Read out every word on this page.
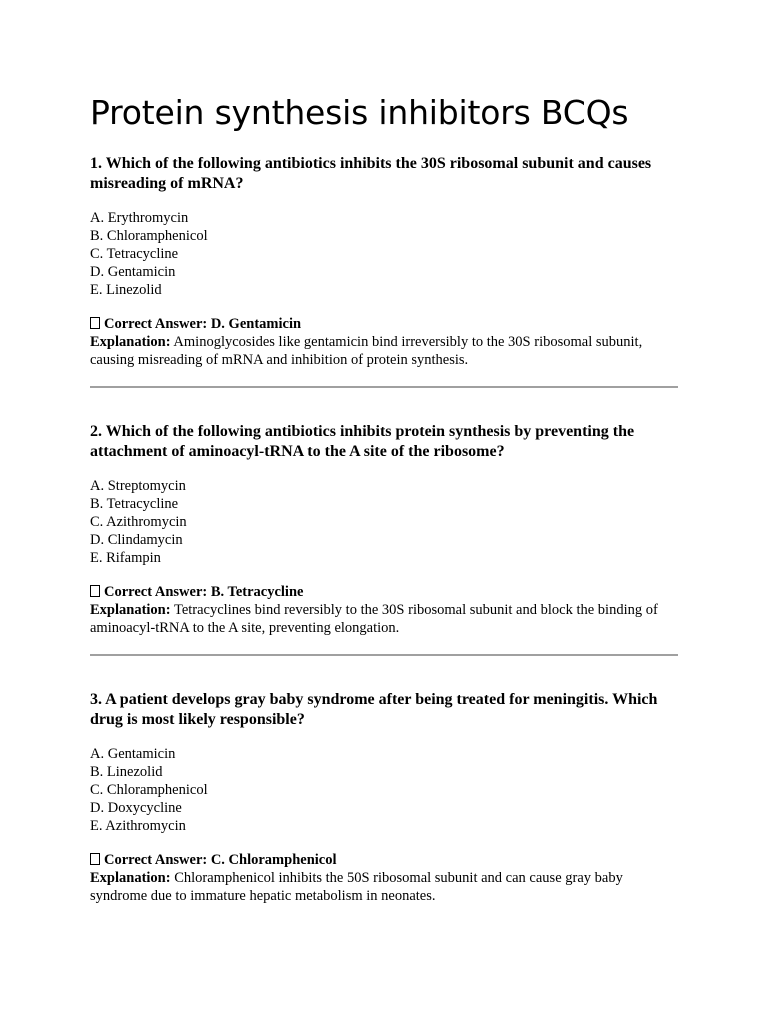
Protein synthesis inhibitors BCQs

1. Which of the following antibiotics inhibits the 30S ribosomal subunit and causes misreading of mRNA?

A. Erythromycin
B. Chloramphenicol
C. Tetracycline
D. Gentamicin
E. Linezolid

Correct Answer: D. Gentamicin

Explanation: Aminoglycosides like gentamicin bind irreversibly to the 30S ribosomal subunit, causing misreading of mRNA and inhibition of protein synthesis.

2. Which of the following antibiotics inhibits protein synthesis by preventing the attachment of aminoacyl-tRNA to the A site of the ribosome?

A. Streptomycin
B. Tetracycline
C. Azithromycin
D. Clindamycin
E. Rifampin

Correct Answer: B. Tetracycline

Explanation: Tetracyclines bind reversibly to the 30S ribosomal subunit and block the binding of aminoacyl-tRNA to the A site, preventing elongation.

3. A patient develops gray baby syndrome after being treated for meningitis. Which drug is most likely responsible?

A. Gentamicin
B. Linezolid
C. Chloramphenicol
D. Doxycycline
E. Azithromycin

Correct Answer: C. Chloramphenicol

Explanation: Chloramphenicol inhibits the 50S ribosomal subunit and can cause gray baby syndrome due to immature hepatic metabolism in neonates.
